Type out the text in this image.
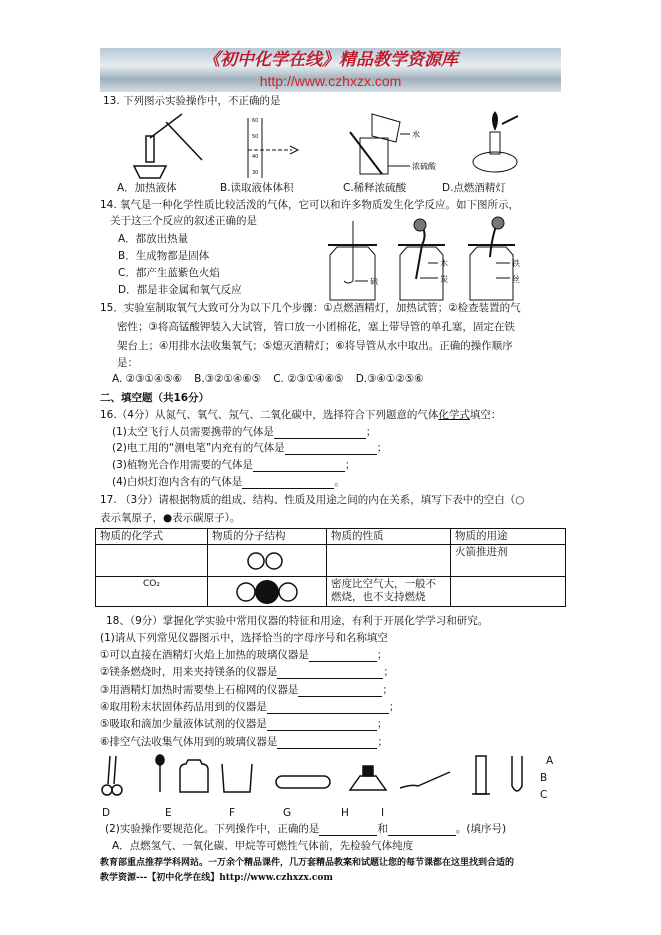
《初中化学在线》精品教学资源库
http://www.czhxzx.com
13. 下列图示实验操作中，不正确的是
60
50
40
30
水
浓硫酸
A．加热液体	B.读取液体体积	C.稀释浓硫酸	D.点燃酒精灯
14. 氧气是一种化学性质比较活泼的气体，它可以和许多物质发生化学反应。如下图所示，
关于这三个反应的叙述正确的是
A．都放出热量
B．生成物都是固体
C．都产生蓝紫色火焰
D．都是非金属和氧气反应
硫
木
炭
铁
丝
15．实验室制取氧气大致可分为以下几个步骤：①点燃酒精灯，加热试管；②检查装置的气
密性；③将高锰酸钾装入大试管，管口放一小团棉花，塞上带导管的单孔塞，固定在铁
架台上；④用排水法收集氧气；⑤熄灭酒精灯；⑥将导管从水中取出。正确的操作顺序
是：
A. ②③①④⑤⑥ B.③②①④⑥⑤ C. ②③①④⑥⑤ D.③④①②⑤⑥
二、填空题（共16分）
16.（4分）从氮气、氧气、氖气、二氧化碳中，选择符合下列题意的气体化学式填空：
(1)太空飞行人员需要携带的气体是	；
(2)电工用的“测电笔”内充有的气体是	；
(3)植物光合作用需要的气体是	；
(4)白炽灯泡内含有的气体是	。
17. （3分）请根据物质的组成、结构、性质及用途之间的内在关系，填写下表中的空白（○
表示氧原子，●表示碳原子）。
物质的化学式	物质的分子结构	物质的性质	物质的用途

		火箭推进剂
CO₂		密度比空气大，一般不
燃烧，也不支持燃烧	

18、（9分）掌握化学实验中常用仪器的特征和用途，有利于开展化学学习和研究。
(1)请从下列常见仪器图示中，选择恰当的字母序号和名称填空
①可以直接在酒精灯火焰上加热的玻璃仪器是	；
②镁条燃烧时，用来夹持镁条的仪器是	；
③用酒精灯加热时需要垫上石棉网的仪器是	；
④取用粉末状固体药品用到的仪器是	；
⑤吸取和滴加少量液体试剂的仪器是	；
⑥排空气法收集气体用到的玻璃仪器是	；
A
B
C
D	E	F	G	H	I
(2)实验操作要规范化。下列操作中，正确的是	和	。(填序号)
A．点燃氢气、一氧化碳、甲烷等可燃性气体前，先检验气体纯度
教育部重点推荐学科网站。一万余个精品课件，几万套精品教案和试题让您的每节课都在这里找到合适的
教学资源---【初中化学在线】http://www.czhxzx.com
